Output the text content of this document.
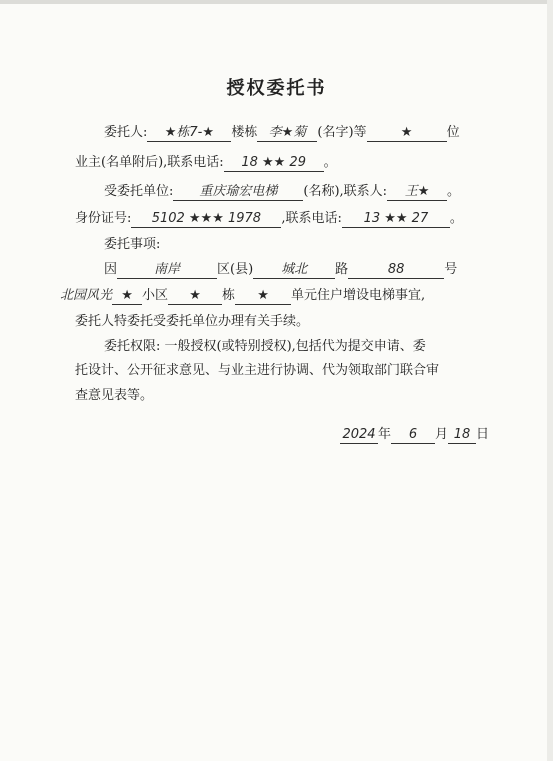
授权委托书
委托人: ★栋7-★ 楼栋 李★菊 (名字)等	★	位
业主(名单附后),联系电话: 18 ★★ 29 。
受委托单位: 重庆瑜宏电梯 (名称),联系人: 王★ 。
身份证号: 5102 ★★★ 1978 ,联系电话: 13 ★★ 27 。
委托事项:
因	南岸	区(县) 城北 路	88	号
北园风光 ★ 小区 ★ 栋 ★ 单元住户增设电梯事宜,
委托人特委托受委托单位办理有关手续。
委托权限: 一般授权(或特别授权),包括代为提交申请、委
托设计、公开征求意见、与业主进行协调、代为领取部门联合审
查意见表等。
2024 年 6 月 18 日
